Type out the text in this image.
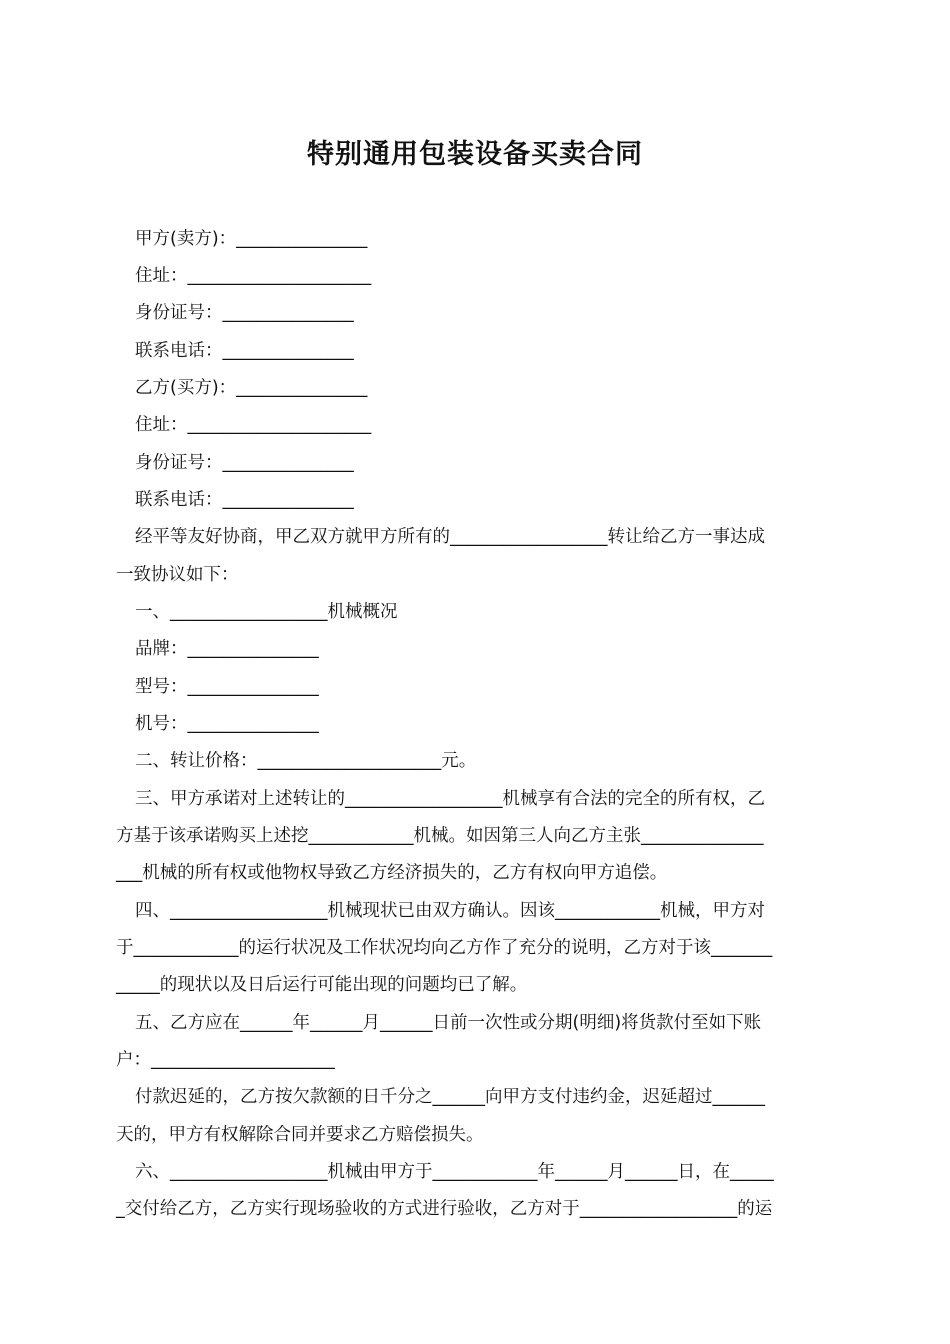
特别通用包装设备买卖合同
甲方(卖方)：_______________
住址：_____________________
身份证号：_______________
联系电话：_______________
乙方(买方)：_______________
住址：_____________________
身份证号：_______________
联系电话：_______________
经平等友好协商，甲乙双方就甲方所有的__________________转让给乙方一事达成
一致协议如下：
一、__________________机械概况
品牌：_______________
型号：_______________
机号：_______________
二、转让价格：_____________________元。
三、甲方承诺对上述转让的__________________机械享有合法的完全的所有权，乙
方基于该承诺购买上述挖____________机械。如因第三人向乙方主张______________
___机械的所有权或他物权导致乙方经济损失的，乙方有权向甲方追偿。
四、__________________机械现状已由双方确认。因该____________机械，甲方对
于____________的运行状况及工作状况均向乙方作了充分的说明，乙方对于该_______
_____的现状以及日后运行可能出现的问题均已了解。
五、乙方应在______年______月______日前一次性或分期(明细)将货款付至如下账
户：_____________________
付款迟延的，乙方按欠款额的日千分之______向甲方支付违约金，迟延超过______
天的，甲方有权解除合同并要求乙方赔偿损失。
六、__________________机械由甲方于____________年______月______日，在_____
_交付给乙方，乙方实行现场验收的方式进行验收，乙方对于__________________的运
